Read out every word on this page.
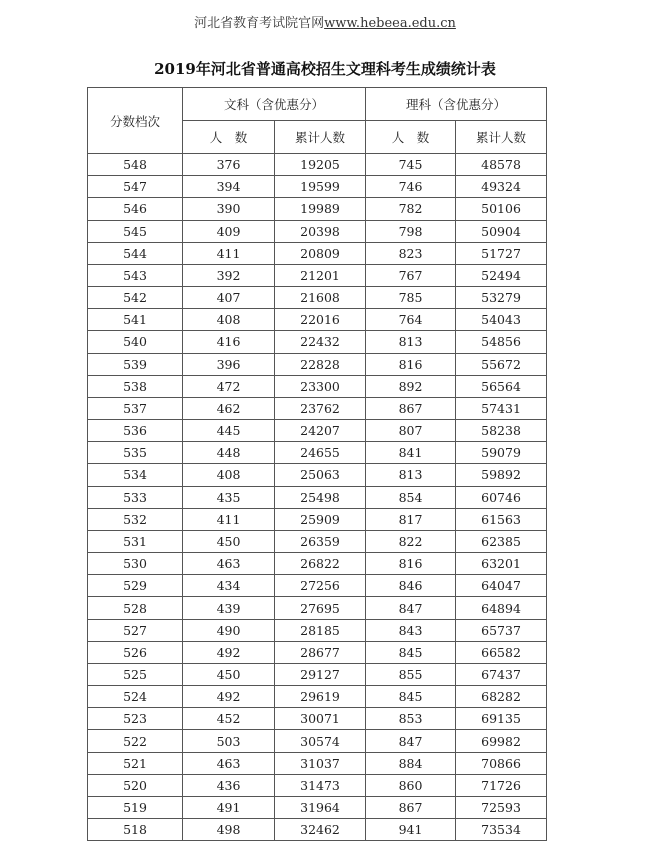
河北省教育考试院官网www.hebeea.edu.cn
2019年河北省普通高校招生文理科考生成绩统计表
分数档次	文科（含优惠分）		理科（含优惠分）	
	人　数	累计人数	人　数	累计人数
548	376	19205	745	48578
547	394	19599	746	49324
546	390	19989	782	50106
545	409	20398	798	50904
544	411	20809	823	51727
543	392	21201	767	52494
542	407	21608	785	53279
541	408	22016	764	54043
540	416	22432	813	54856
539	396	22828	816	55672
538	472	23300	892	56564
537	462	23762	867	57431
536	445	24207	807	58238
535	448	24655	841	59079
534	408	25063	813	59892
533	435	25498	854	60746
532	411	25909	817	61563
531	450	26359	822	62385
530	463	26822	816	63201
529	434	27256	846	64047
528	439	27695	847	64894
527	490	28185	843	65737
526	492	28677	845	66582
525	450	29127	855	67437
524	492	29619	845	68282
523	452	30071	853	69135
522	503	30574	847	69982
521	463	31037	884	70866
520	436	31473	860	71726
519	491	31964	867	72593
518	498	32462	941	73534
